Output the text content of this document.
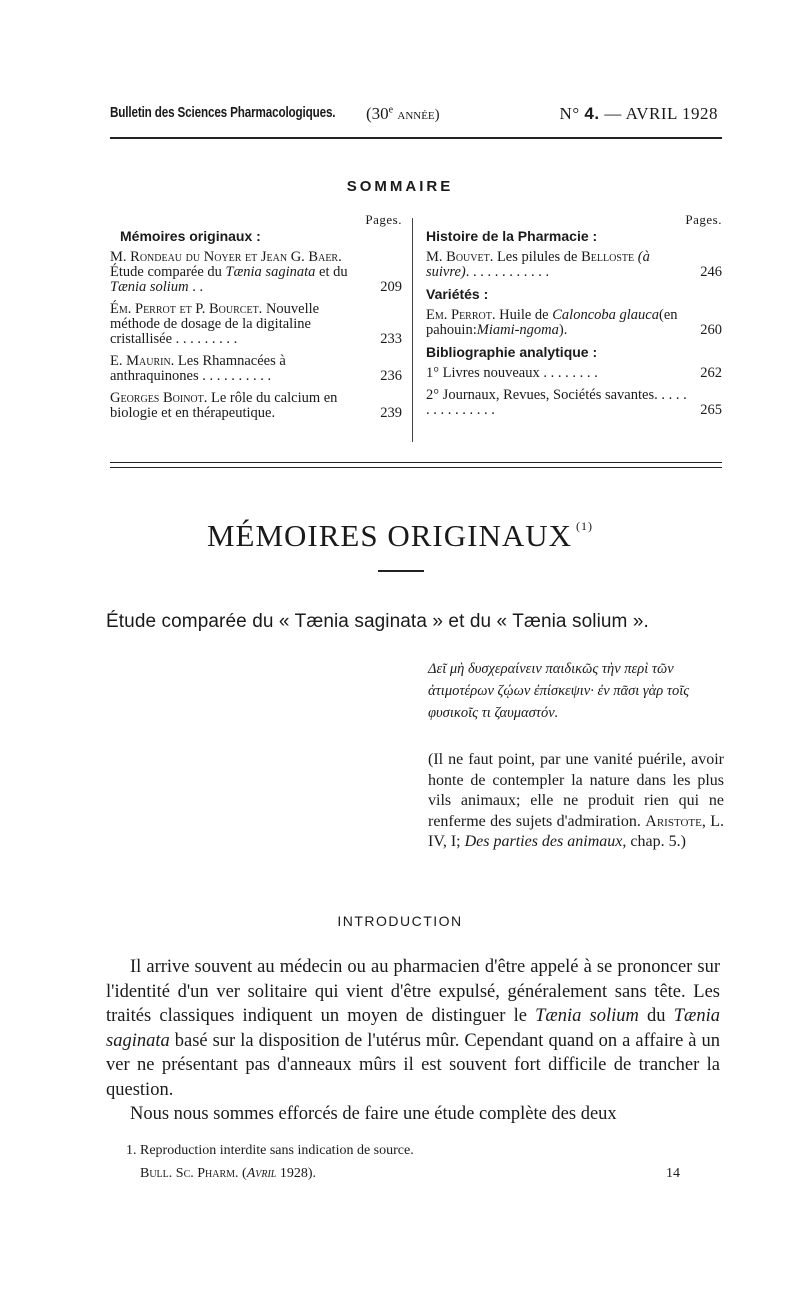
Bulletin des Sciences Pharmacologiques. (30e année)	N° 4. — AVRIL 1928
SOMMAIRE
Pages.
Mémoires originaux :
M. Rondeau du Noyer et Jean G. Baer. Étude comparée du Tænia saginata et du Tænia solium . .	209
Ém. Perrot et P. Bourcet. Nouvelle méthode de dosage de la digitaline cristallisée . . . . . . . . .	233
E. Maurin. Les Rhamnacées à anthraquinones . . . . . . . . . .	236
Georges Boinot. Le rôle du calcium en biologie et en thérapeutique.	239
Pages.
Histoire de la Pharmacie :
M. Bouvet. Les pilules de Belloste (à suivre). . . . . . . . . . . .	246
Variétés :
Em. Perrot. Huile de Caloncoba glauca(en pahouin:Miami-ngoma).	260
Bibliographie analytique :
1° Livres nouveaux . . . . . . . .	262
2° Journaux, Revues, Sociétés savantes. . . . . . . . . . . . . . .	265
MÉMOIRES ORIGINAUX $^{(1)}$
Étude comparée du « Tænia saginata » et du « Tænia solium ».
Δεῖ μὴ δυσχεραίνειν παιδικῶς τὴν περὶ τῶν ἀτιμοτέρων ζῴων ἐπίσκεψιν· ἐν πᾶσι γὰρ τοῖς φυσικοῖς τι ζαυμαστόν.
(Il ne faut point, par une vanité puérile, avoir honte de contempler la nature dans les plus vils animaux; elle ne produit rien qui ne renferme des sujets d'admiration. Aristote, L. IV, I; Des parties des animaux, chap. 5.)
INTRODUCTION
Il arrive souvent au médecin ou au pharmacien d'être appelé à se prononcer sur l'identité d'un ver solitaire qui vient d'être expulsé, généralement sans tête. Les traités classiques indiquent un moyen de distinguer le Tænia solium du Tænia saginata basé sur la disposition de l'utérus mûr. Cependant quand on a affaire à un ver ne présentant pas d'anneaux mûrs il est souvent fort difficile de trancher la question.
Nous nous sommes efforcés de faire une étude complète des deux
1. Reproduction interdite sans indication de source.
Bull. Sc. Pharm. (Avril 1928).	14
